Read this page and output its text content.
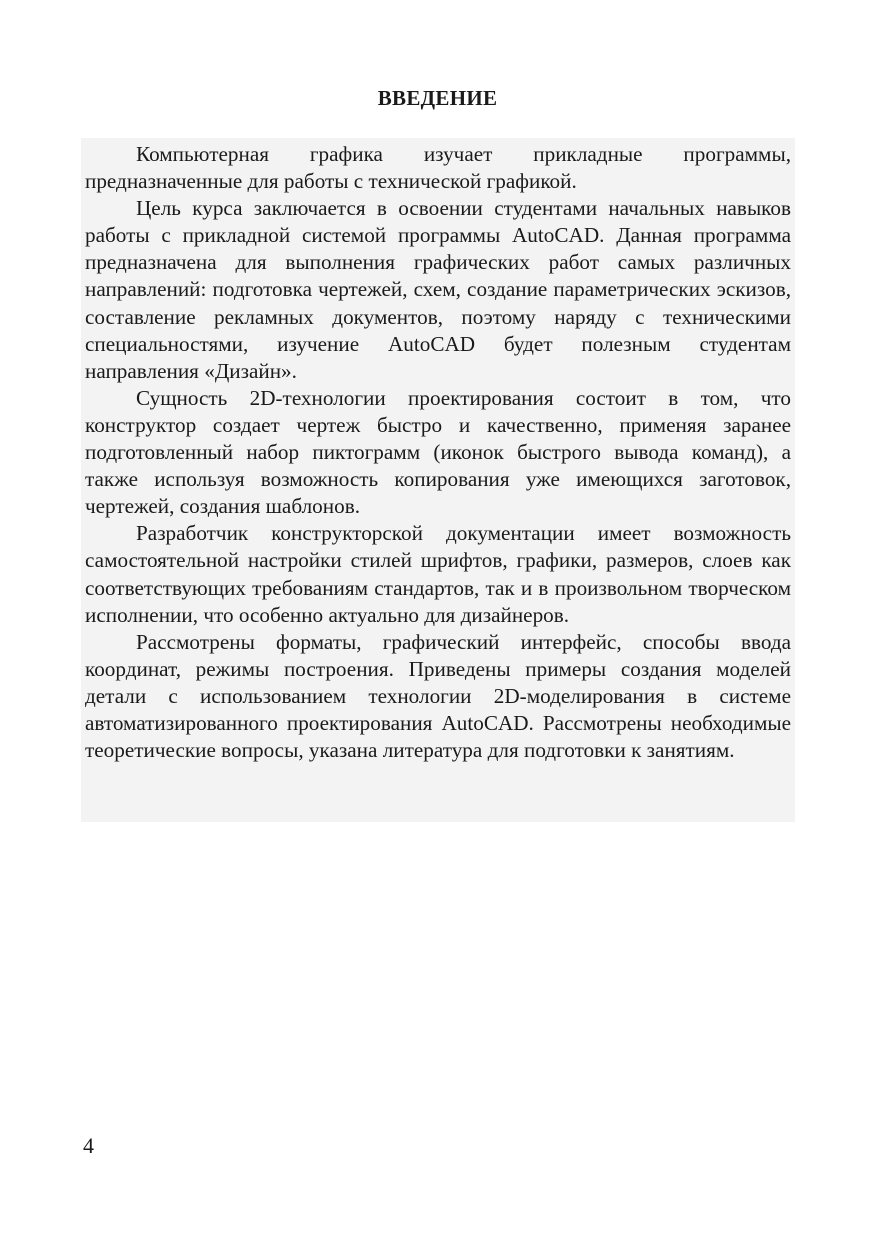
ВВЕДЕНИЕ

Компьютерная графика изучает прикладные программы, предназначенные для работы с технической графикой.

Цель курса заключается в освоении студентами начальных навыков работы с прикладной системой программы AutoCAD. Данная программа предназначена для выполнения графических работ самых различных направлений: подготовка чертежей, схем, создание параметрических эскизов, составление рекламных документов, поэтому наряду с техническими специальностями, изучение AutoCAD будет полезным студентам направления «Дизайн».

Сущность 2D-технологии проектирования состоит в том, что конструктор создает чертеж быстро и качественно, применяя заранее подготовленный набор пиктограмм (иконок быстрого вывода команд), а также используя возможность копирования уже имеющихся заготовок, чертежей, создания шаблонов.

Разработчик конструкторской документации имеет возможность самостоятельной настройки стилей шрифтов, графики, размеров, слоев как соответствующих требованиям стандартов, так и в произвольном творческом исполнении, что особенно актуально для дизайнеров.

Рассмотрены форматы, графический интерфейс, способы ввода координат, режимы построения. Приведены примеры создания моделей детали с использованием технологии 2D-моделирования в системе автоматизированного проектирования AutoCAD. Рассмотрены необходимые теоретические вопросы, указана литература для подготовки к занятиям.

4
